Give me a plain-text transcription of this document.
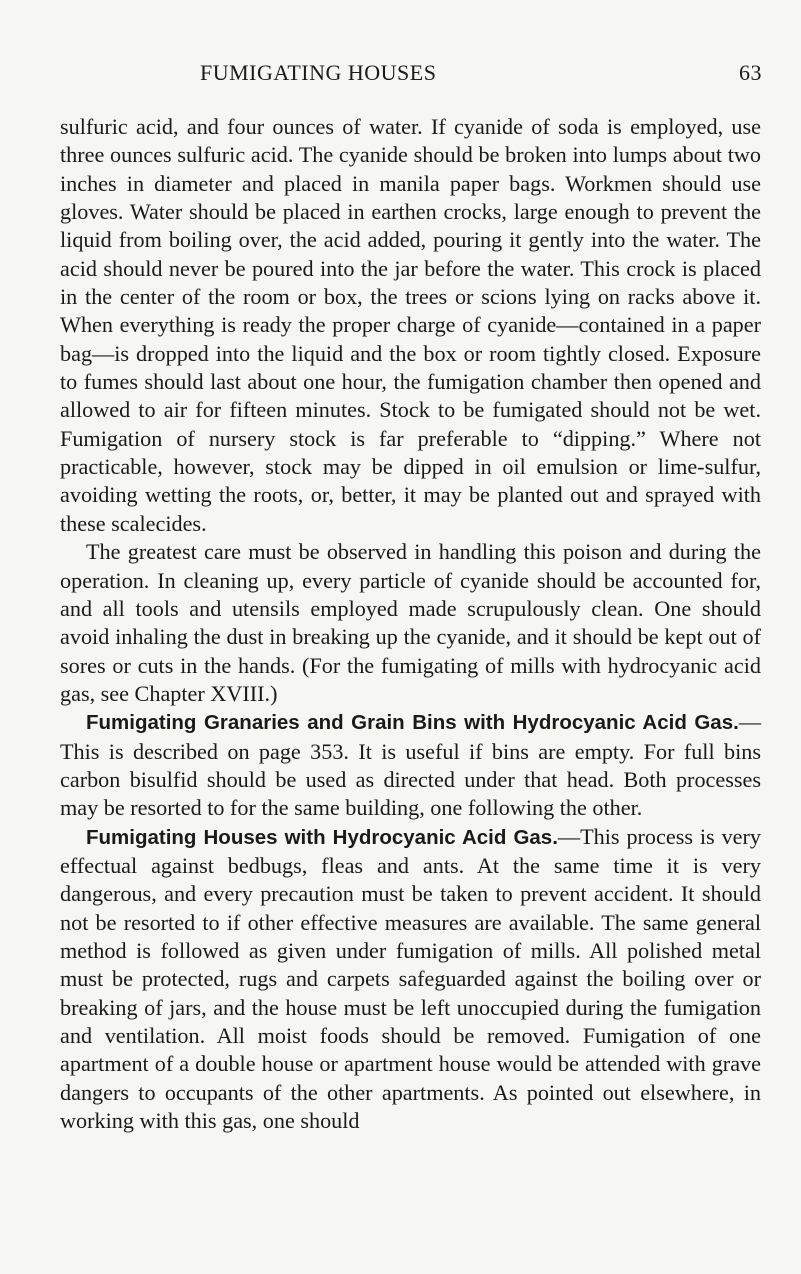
FUMIGATING HOUSES	63

sulfuric acid, and four ounces of water. If cyanide of soda is employed, use three ounces sulfuric acid. The cyanide should be broken into lumps about two inches in diameter and placed in manila paper bags. Workmen should use gloves. Water should be placed in earthen crocks, large enough to prevent the liquid from boiling over, the acid added, pouring it gently into the water. The acid should never be poured into the jar before the water. This crock is placed in the center of the room or box, the trees or scions lying on racks above it. When everything is ready the proper charge of cyanide—contained in a paper bag—is dropped into the liquid and the box or room tightly closed. Exposure to fumes should last about one hour, the fumigation chamber then opened and allowed to air for fifteen minutes. Stock to be fumigated should not be wet. Fumigation of nursery stock is far preferable to “dipping.” Where not practicable, however, stock may be dipped in oil emulsion or lime-sulfur, avoiding wetting the roots, or, better, it may be planted out and sprayed with these scalecides.

The greatest care must be observed in handling this poison and during the operation. In cleaning up, every particle of cyanide should be accounted for, and all tools and utensils employed made scrupulously clean. One should avoid inhaling the dust in breaking up the cyanide, and it should be kept out of sores or cuts in the hands. (For the fumigating of mills with hydrocyanic acid gas, see Chapter XVIII.)

Fumigating Granaries and Grain Bins with Hydrocyanic Acid Gas.—This is described on page 353. It is useful if bins are empty. For full bins carbon bisulfid should be used as directed under that head. Both processes may be resorted to for the same building, one following the other.

Fumigating Houses with Hydrocyanic Acid Gas.—This process is very effectual against bedbugs, fleas and ants. At the same time it is very dangerous, and every precaution must be taken to prevent accident. It should not be resorted to if other effective measures are available. The same general method is followed as given under fumigation of mills. All polished metal must be protected, rugs and carpets safeguarded against the boiling over or breaking of jars, and the house must be left unoccupied during the fumigation and ventilation. All moist foods should be removed. Fumigation of one apartment of a double house or apartment house would be attended with grave dangers to occupants of the other apartments. As pointed out elsewhere, in working with this gas, one should
